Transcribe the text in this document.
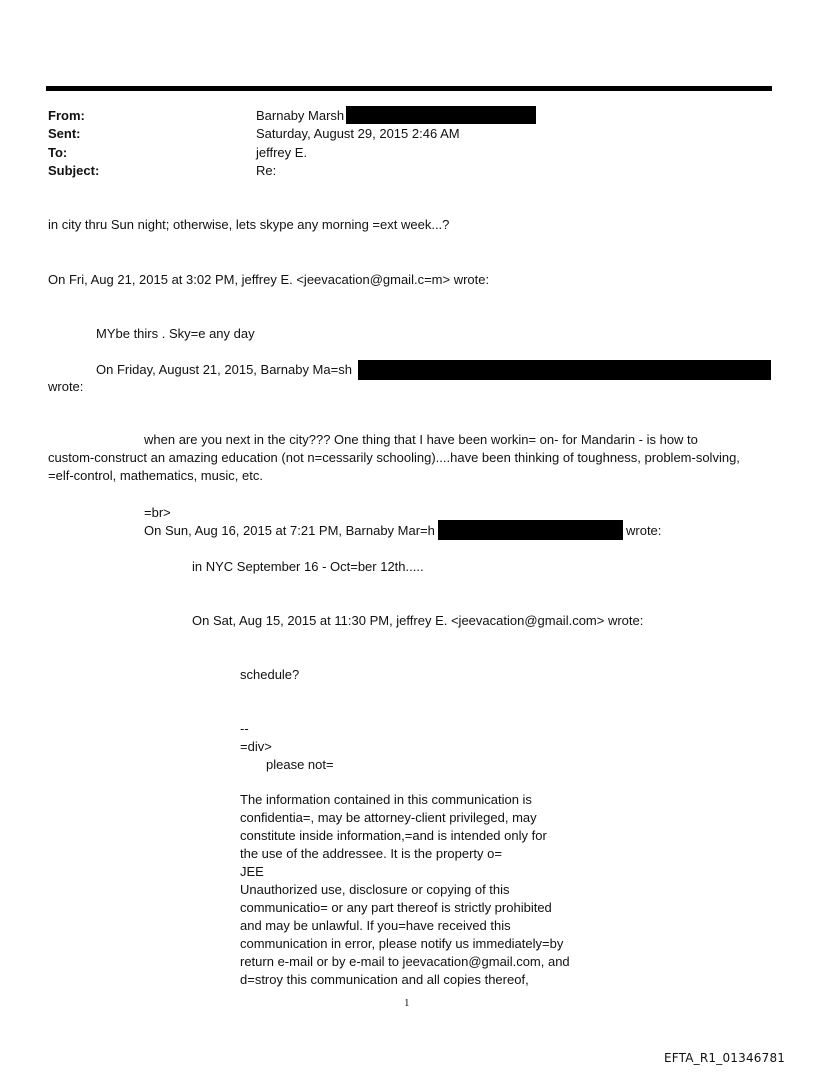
From:	Barnaby Marsh
Sent:	Saturday, August 29, 2015 2:46 AM
To:	jeffrey E.
Subject:	Re:
in city thru Sun night; otherwise, lets skype any morning =ext week...?
On Fri, Aug 21, 2015 at 3:02 PM, jeffrey E. <jeevacation@gmail.c=m> wrote:
MYbe thirs . Sky=e any day
On Friday, August 21, 2015, Barnaby Ma=sh
wrote:
when are you next in the city??? One thing that I have been workin= on- for Mandarin - is how to
custom-construct an amazing education (not n=cessarily schooling)....have been thinking of toughness, problem-solving,
=elf-control, mathematics, music, etc.
=br>
On Sun, Aug 16, 2015 at 7:21 PM, Barnaby Mar=h	wrote:
in NYC September 16 - Oct=ber 12th.....
On Sat, Aug 15, 2015 at 11:30 PM, jeffrey E. <jeevacation@gmail.com> wrote:
schedule?
--
=div>
please not=
The information contained in this communication is
confidentia=, may be attorney-client privileged, may
constitute inside information,=and is intended only for
the use of the addressee. It is the property o=
JEE
Unauthorized use, disclosure or copying of this
communicatio= or any part thereof is strictly prohibited
and may be unlawful. If you=have received this
communication in error, please notify us immediately=by
return e-mail or by e-mail to jeevacation@gmail.com, and
d=stroy this communication and all copies thereof,
1
EFTA_R1_01346781
